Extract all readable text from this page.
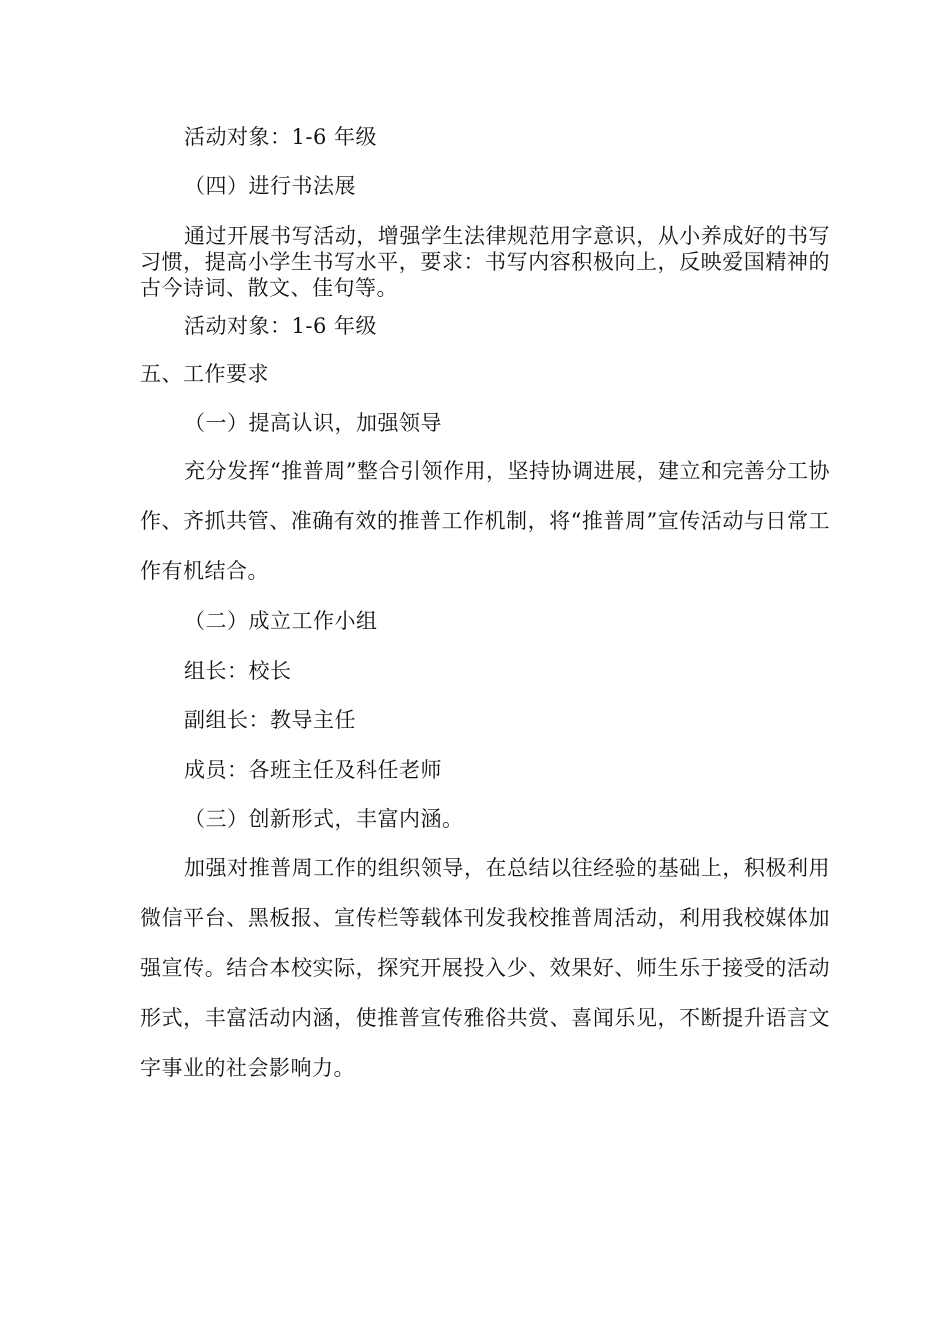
活动对象：1-6 年级
（四）进行书法展
通过开展书写活动，增强学生法律规范用字意识，从小养成好的书写习惯，提高小学生书写水平，要求：书写内容积极向上，反映爱国精神的古今诗词、散文、佳句等。
活动对象：1-6 年级
五、工作要求
（一）提高认识，加强领导
充分发挥“推普周”整合引领作用，坚持协调进展，建立和完善分工协作、齐抓共管、准确有效的推普工作机制，将“推普周”宣传活动与日常工作有机结合。
（二）成立工作小组
组长：校长
副组长：教导主任
成员：各班主任及科任老师
（三）创新形式，丰富内涵。
加强对推普周工作的组织领导，在总结以往经验的基础上，积极利用微信平台、黑板报、宣传栏等载体刊发我校推普周活动，利用我校媒体加强宣传。结合本校实际，探究开展投入少、效果好、师生乐于接受的活动形式，丰富活动内涵，使推普宣传雅俗共赏、喜闻乐见，不断提升语言文字事业的社会影响力。
